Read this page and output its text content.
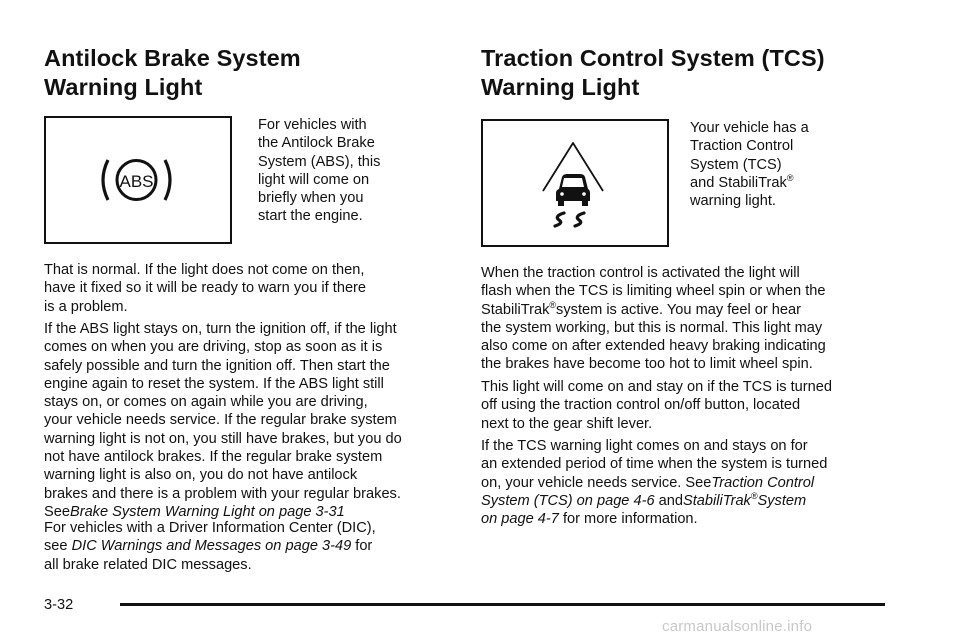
Antilock Brake System
Warning Light
ABS

For vehicles with
the Antilock Brake
System (ABS), this
light will come on
briefly when you
start the engine.

That is normal. If the light does not come on then,
have it fixed so it will be ready to warn you if there
is a problem.

If the ABS light stays on, turn the ignition off, if the light
comes on when you are driving, stop as soon as it is
safely possible and turn the ignition off. Then start the
engine again to reset the system. If the ABS light still
stays on, or comes on again while you are driving,
your vehicle needs service. If the regular brake system
warning light is not on, you still have brakes, but you do
not have antilock brakes. If the regular brake system
warning light is also on, you do not have antilock
brakes and there is a problem with your regular brakes.
SeeBrake System Warning Light on page 3-31

For vehicles with a Driver Information Center (DIC),
see DIC Warnings and Messages on page 3-49 for
all brake related DIC messages.

Traction Control System (TCS)
Warning Light

Your vehicle has a
Traction Control
System (TCS)
and StabiliTrak®
warning light.

When the traction control is activated the light will
flash when the TCS is limiting wheel spin or when the
StabiliTrak®system is active. You may feel or hear
the system working, but this is normal. This light may
also come on after extended heavy braking indicating
the brakes have become too hot to limit wheel spin.

This light will come on and stay on if the TCS is turned
off using the traction control on/off button, located
next to the gear shift lever.

If the TCS warning light comes on and stays on for
an extended period of time when the system is turned
on, your vehicle needs service. SeeTraction Control
System (TCS) on page 4-6 andStabiliTrak®System
on page 4-7 for more information.

3-32
carmanualsonline.info
